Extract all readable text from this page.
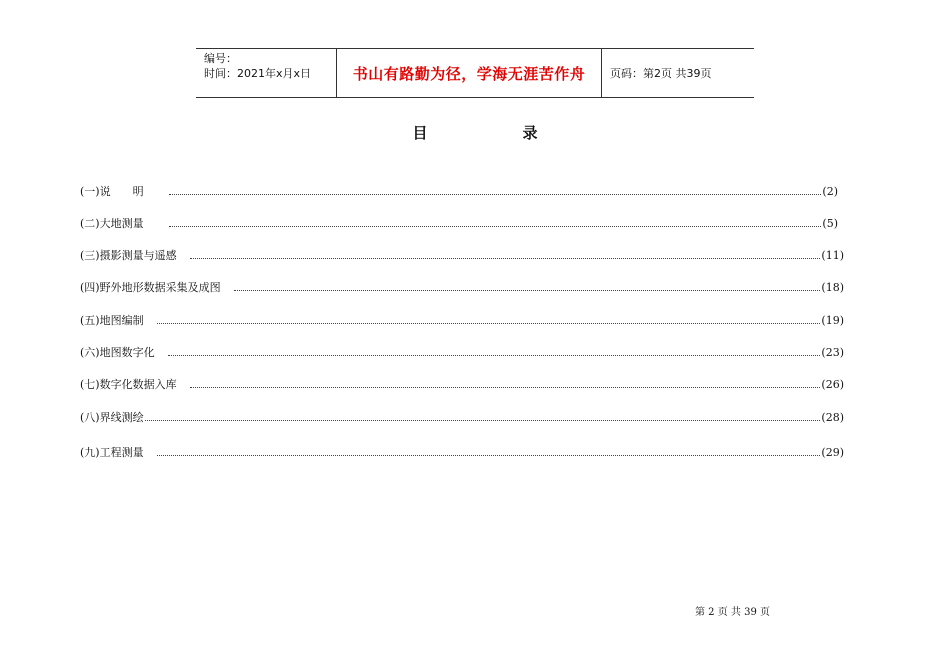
编号：
时间：2021年x月x日	书山有路勤为径，学海无涯苦作舟	页码：第2页 共39页
目	录
(一)说　　明	(2)
(二)大地测量	(5)
(三)摄影测量与遥感	(11)
(四)野外地形数据采集及成图	(18)
(五)地图编制	(19)
(六)地图数字化	(23)
(七)数字化数据入库	(26)
(八)界线测绘	(28)
(九)工程测量	(29)
第 2 页 共 39 页
